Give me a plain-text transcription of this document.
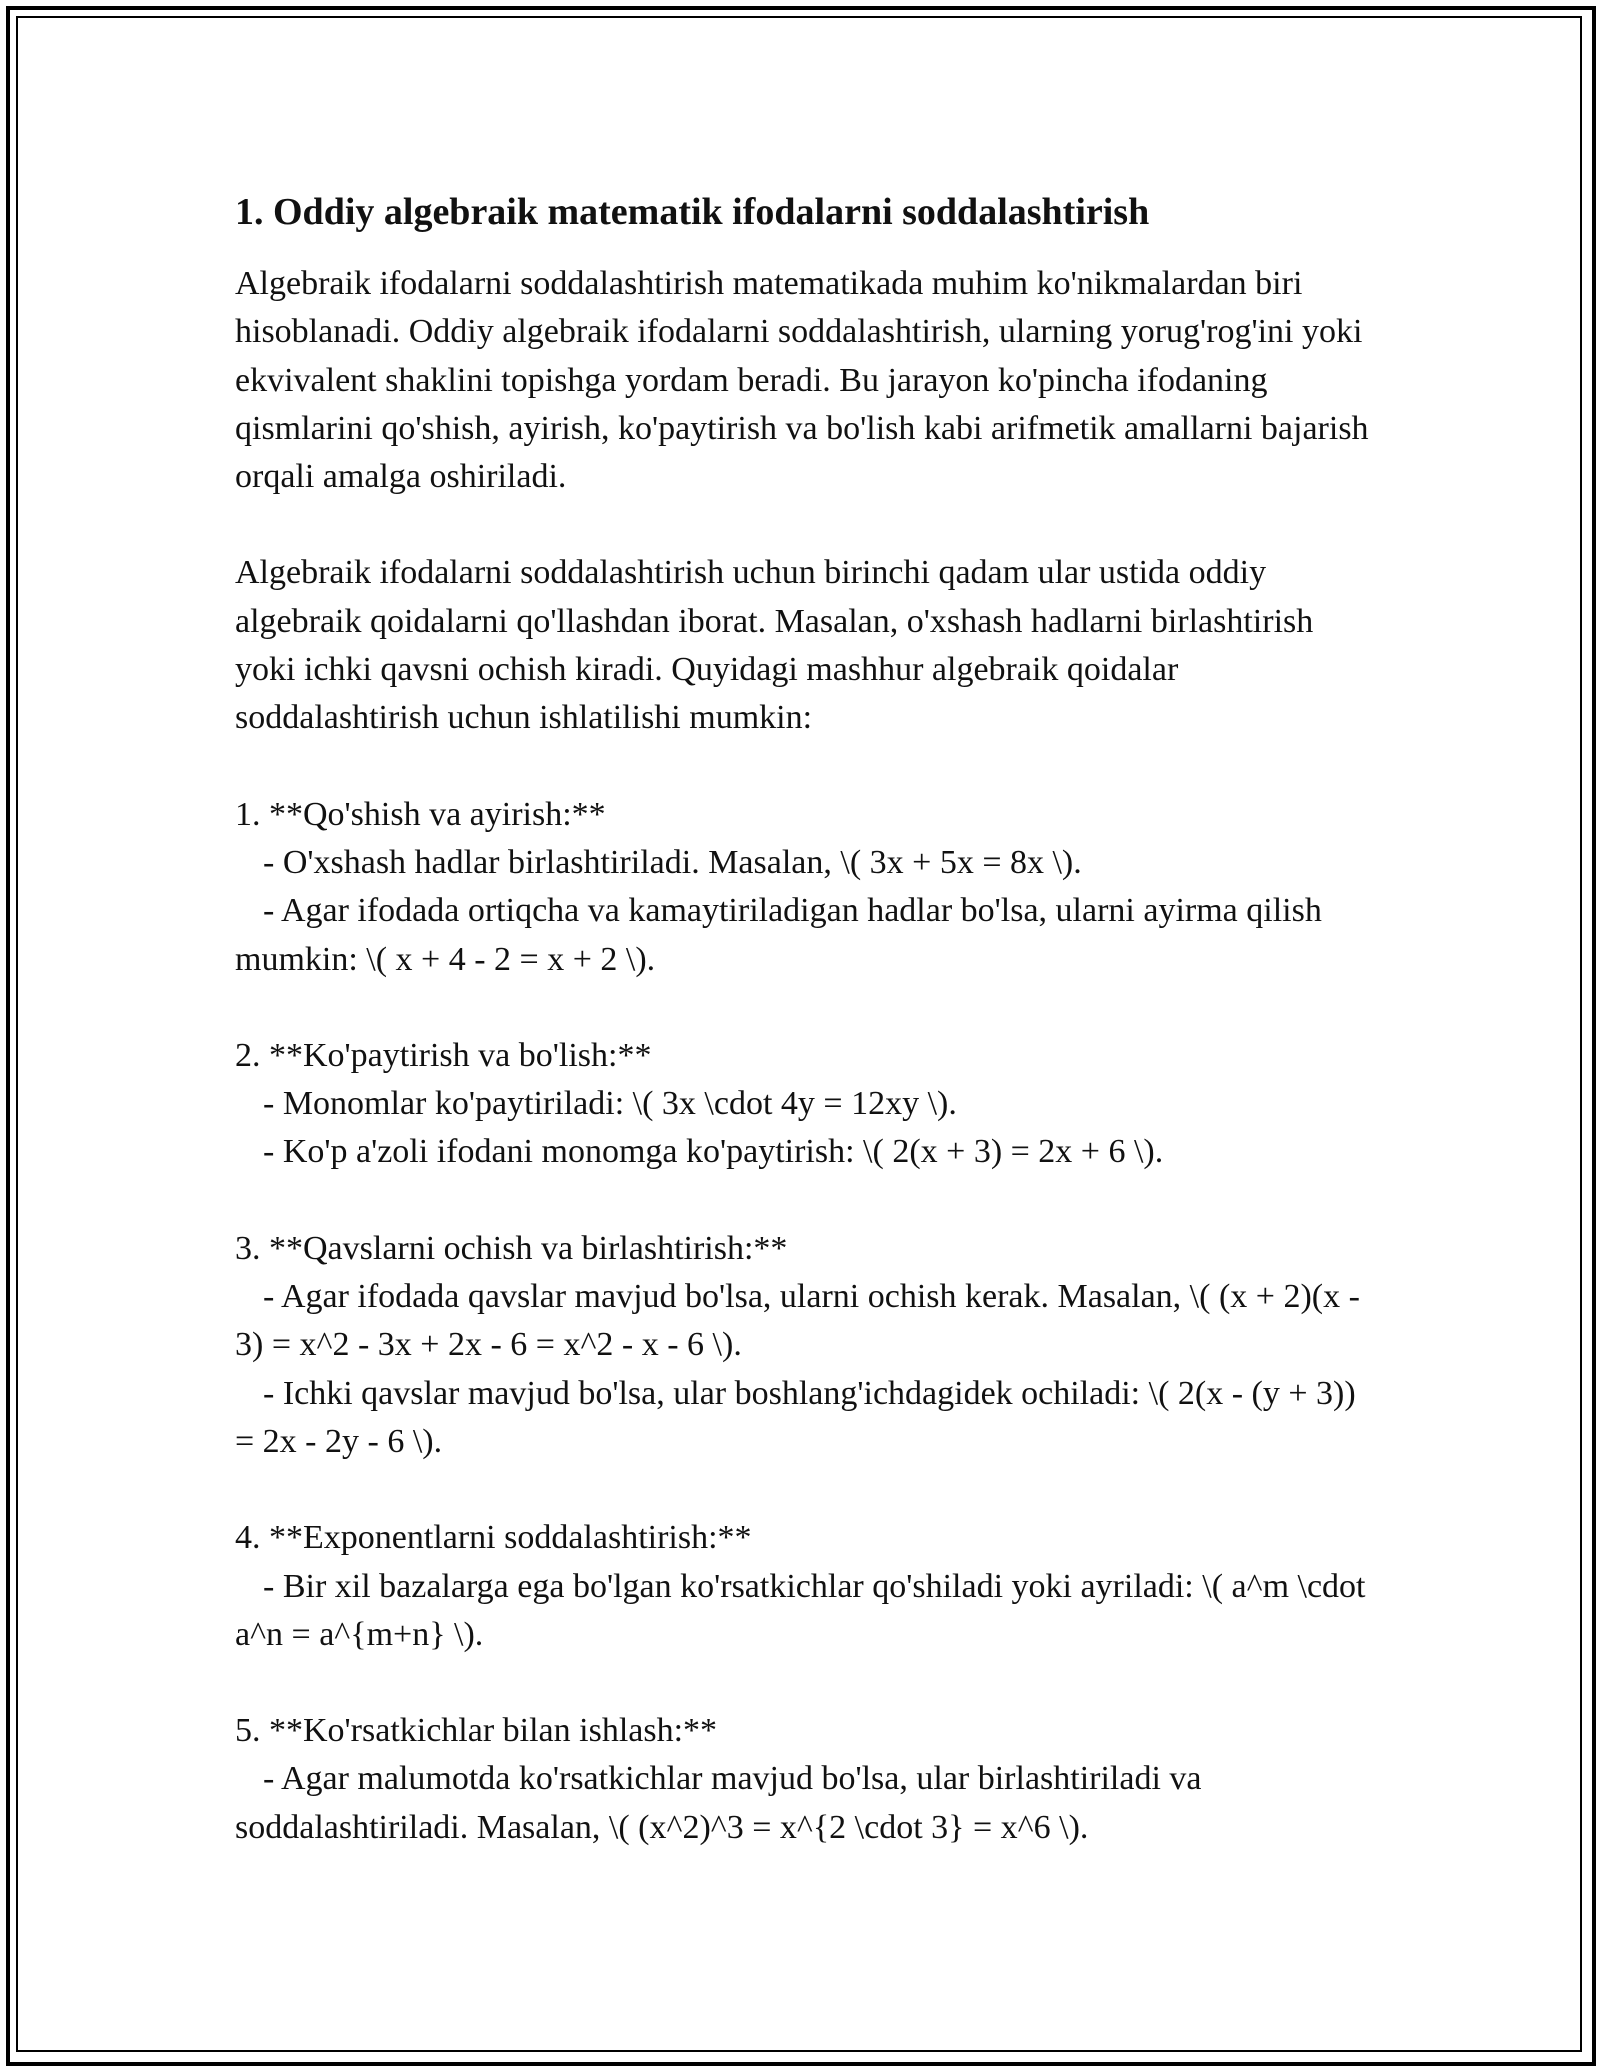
1. Oddiy algebraik matematik ifodalarni soddalashtirish

Algebraik ifodalarni soddalashtirish matematikada muhim ko'nikmalardan biri hisoblanadi. Oddiy algebraik ifodalarni soddalashtirish, ularning yorug'rog'ini yoki ekvivalent shaklini topishga yordam beradi. Bu jarayon ko'pincha ifodaning qismlarini qo'shish, ayirish, ko'paytirish va bo'lish kabi arifmetik amallarni bajarish orqali amalga oshiriladi.

Algebraik ifodalarni soddalashtirish uchun birinchi qadam ular ustida oddiy algebraik qoidalarni qo'llashdan iborat. Masalan, o'xshash hadlarni birlashtirish yoki ichki qavsni ochish kiradi. Quyidagi mashhur algebraik qoidalar soddalashtirish uchun ishlatilishi mumkin:

1. **Qo'shish va ayirish:**
- O'xshash hadlar birlashtiriladi. Masalan, \( 3x + 5x = 8x \).
- Agar ifodada ortiqcha va kamaytiriladigan hadlar bo'lsa, ularni ayirma qilish mumkin: \( x + 4 - 2 = x + 2 \).
2. **Ko'paytirish va bo'lish:**
- Monomlar ko'paytiriladi: \( 3x \cdot 4y = 12xy \).
- Ko'p a'zoli ifodani monomga ko'paytirish: \( 2(x + 3) = 2x + 6 \).
3. **Qavslarni ochish va birlashtirish:**
- Agar ifodada qavslar mavjud bo'lsa, ularni ochish kerak. Masalan, \( (x + 2)(x - 3) = x^2 - 3x + 2x - 6 = x^2 - x - 6 \).
- Ichki qavslar mavjud bo'lsa, ular boshlang'ichdagidek ochiladi: \( 2(x - (y + 3)) = 2x - 2y - 6 \).
4. **Exponentlarni soddalashtirish:**
- Bir xil bazalarga ega bo'lgan ko'rsatkichlar qo'shiladi yoki ayriladi: \( a^m \cdot a^n = a^{m+n} \).
5. **Ko'rsatkichlar bilan ishlash:**
- Agar malumotda ko'rsatkichlar mavjud bo'lsa, ular birlashtiriladi va soddalashtiriladi. Masalan, \( (x^2)^3 = x^{2 \cdot 3} = x^6 \).
